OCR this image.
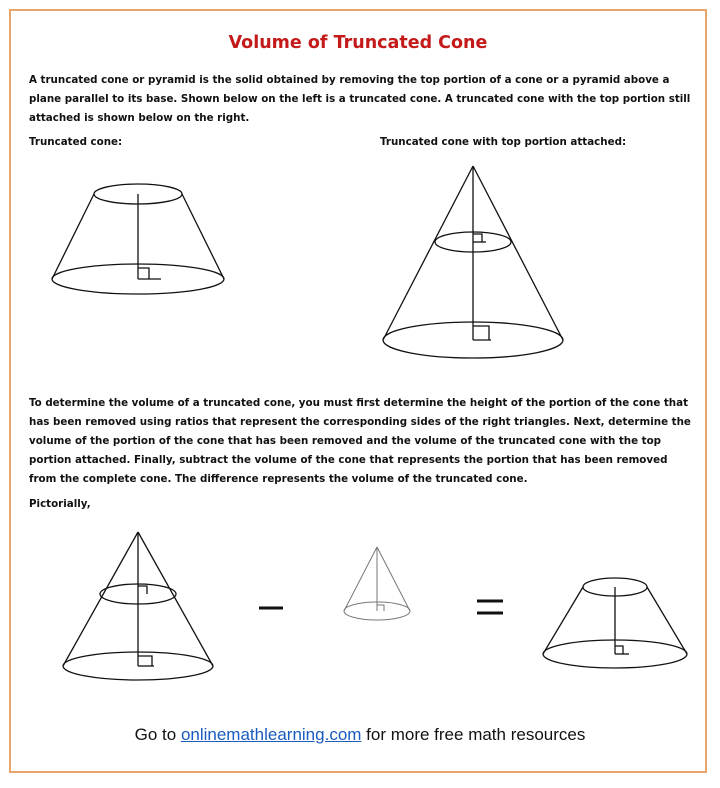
Volume of Truncated Cone

A truncated cone or pyramid is the solid obtained by removing the top portion of a cone or a pyramid above a plane parallel to its base. Shown below on the left is a truncated cone. A truncated cone with the top portion still attached is shown below on the right.

Truncated cone:	Truncated cone with top portion attached:

To determine the volume of a truncated cone, you must first determine the height of the portion of the cone that has been removed using ratios that represent the corresponding sides of the right triangles. Next, determine the volume of the portion of the cone that has been removed and the volume of the truncated cone with the top portion attached. Finally, subtract the volume of the cone that represents the portion that has been removed from the complete cone. The difference represents the volume of the truncated cone.

Pictorially,
Go to onlinemathlearning.com for more free math resources
